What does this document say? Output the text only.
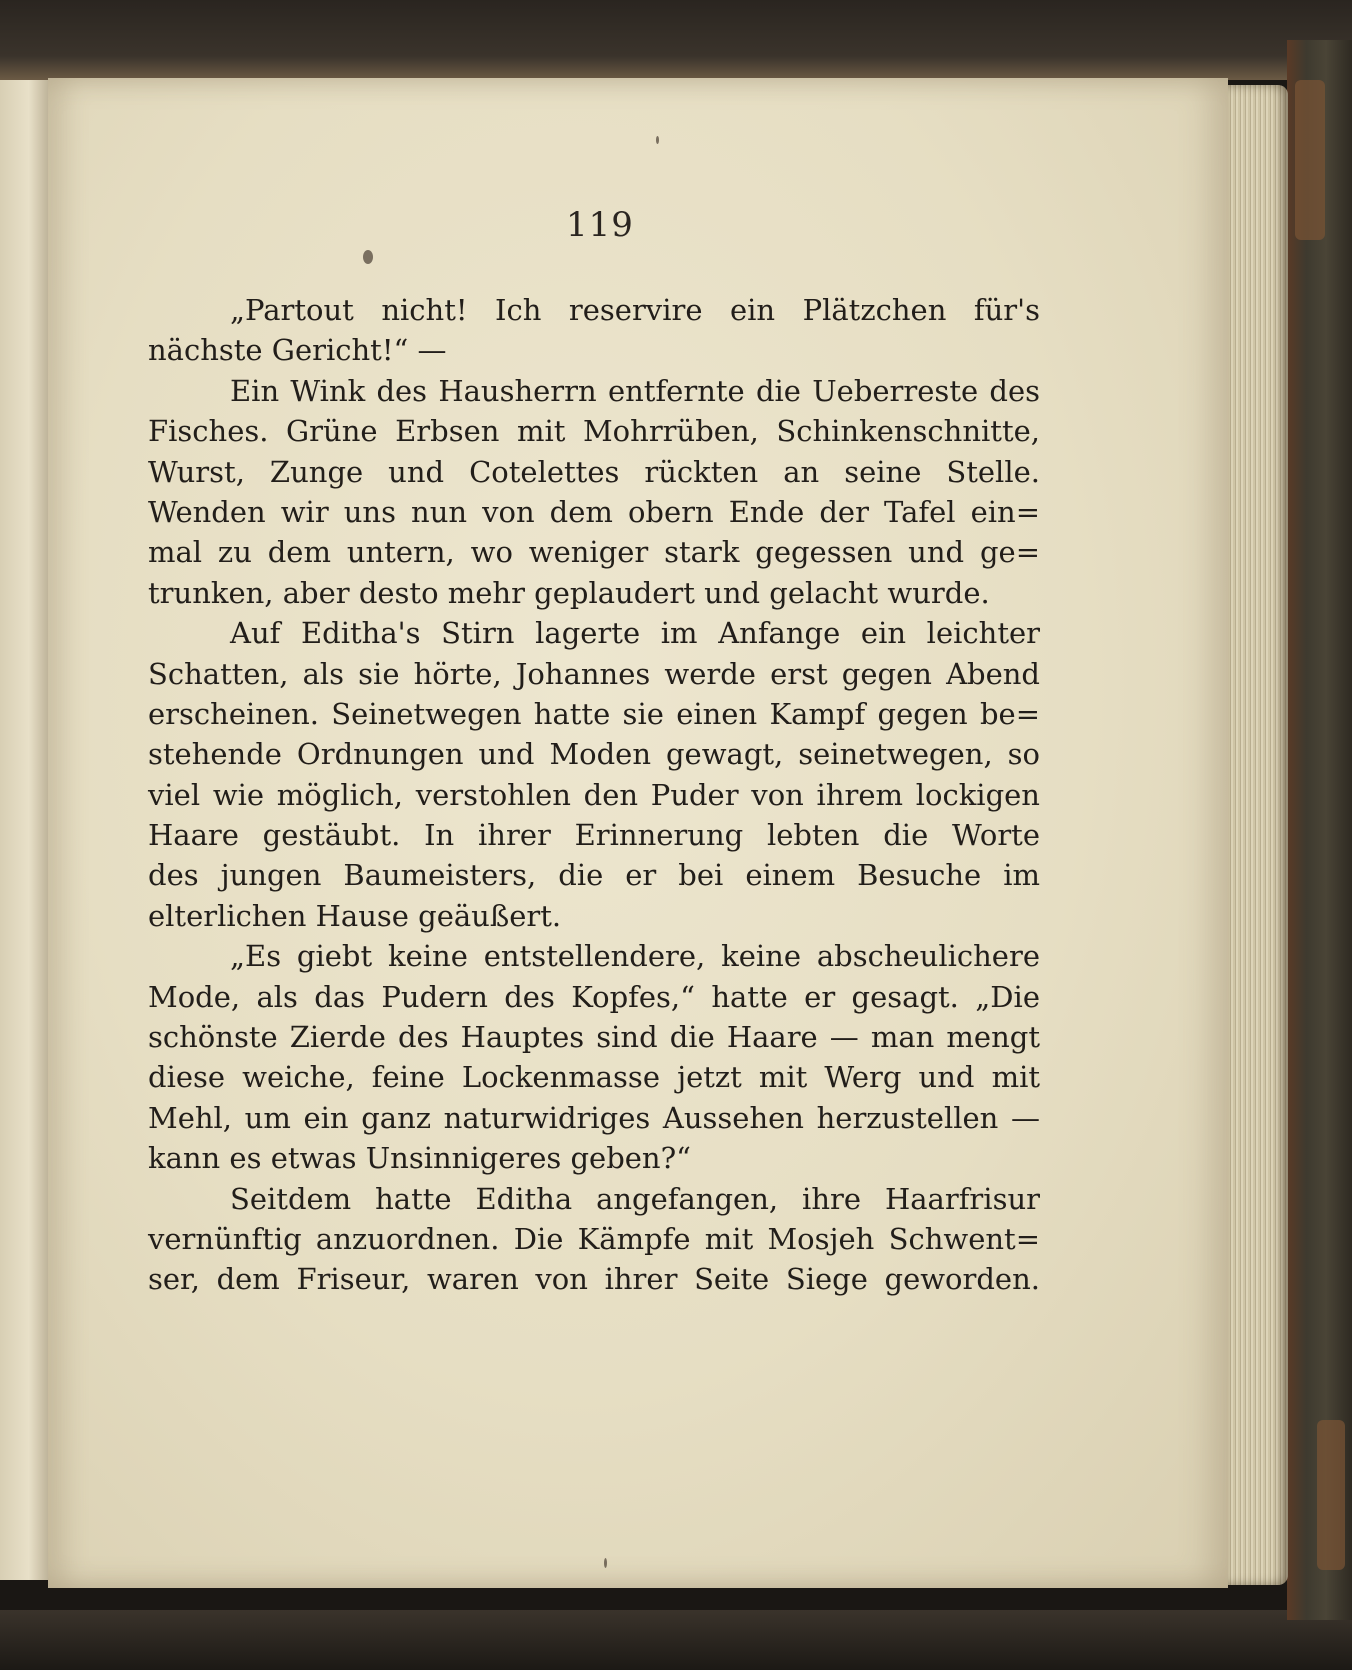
119
„Partout nicht! Ich reservire ein Plätzchen für's
nächste Gericht!“ —
Ein Wink des Hausherrn entfernte die Ueberreste des
Fisches. Grüne Erbsen mit Mohrrüben, Schinkenschnitte,
Wurst, Zunge und Cotelettes rückten an seine Stelle.
Wenden wir uns nun von dem obern Ende der Tafel ein=
mal zu dem untern, wo weniger stark gegessen und ge=
trunken, aber desto mehr geplaudert und gelacht wurde.
Auf Editha's Stirn lagerte im Anfange ein leichter
Schatten, als sie hörte, Johannes werde erst gegen Abend
erscheinen. Seinetwegen hatte sie einen Kampf gegen be=
stehende Ordnungen und Moden gewagt, seinetwegen, so
viel wie möglich, verstohlen den Puder von ihrem lockigen
Haare gestäubt. In ihrer Erinnerung lebten die Worte
des jungen Baumeisters, die er bei einem Besuche im
elterlichen Hause geäußert.
„Es giebt keine entstellendere, keine abscheulichere
Mode, als das Pudern des Kopfes,“ hatte er gesagt. „Die
schönste Zierde des Hauptes sind die Haare — man mengt
diese weiche, feine Lockenmasse jetzt mit Werg und mit
Mehl, um ein ganz naturwidriges Aussehen herzustellen —
kann es etwas Unsinnigeres geben?“
Seitdem hatte Editha angefangen, ihre Haarfrisur
vernünftig anzuordnen. Die Kämpfe mit Mosjeh Schwent=
ser, dem Friseur, waren von ihrer Seite Siege geworden.
